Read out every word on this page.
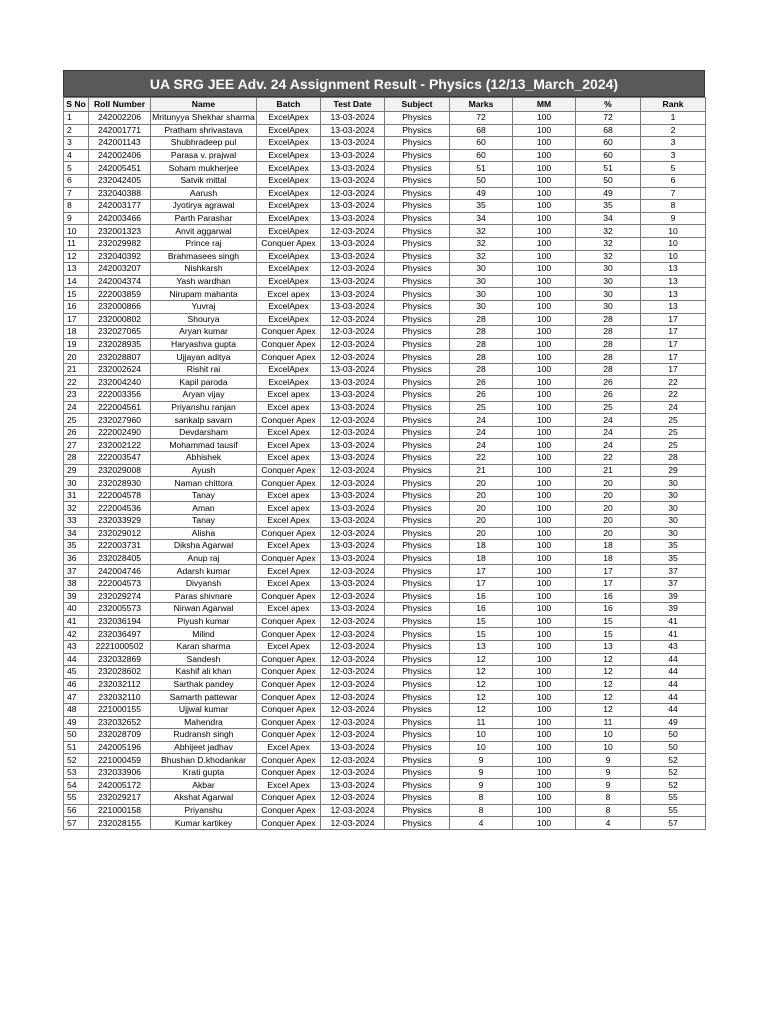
UA SRG JEE Adv. 24 Assignment Result - Physics (12/13_March_2024)
S No	Roll Number	Name	Batch	Test Date	Subject	Marks	MM	%	Rank
1	242002206	Mritunyya Shekhar sharma	ExcelApex	13-03-2024	Physics	72	100	72	1
2	242001771	Pratham shrivastava	ExcelApex	13-03-2024	Physics	68	100	68	2
3	242001143	Shubhradeep pul	ExcelApex	13-03-2024	Physics	60	100	60	3
4	242002406	Parasa v. prajwal	ExcelApex	13-03-2024	Physics	60	100	60	3
5	242005451	Soham mukherjee	ExcelApex	13-03-2024	Physics	51	100	51	5
6	232042405	Satvik mittal	ExcelApex	13-03-2024	Physics	50	100	50	6
7	232040388	Aarush	ExcelApex	12-03-2024	Physics	49	100	49	7
8	242003177	Jyotirya agrawal	ExcelApex	13-03-2024	Physics	35	100	35	8
9	242003466	Parth Parashar	ExcelApex	13-03-2024	Physics	34	100	34	9
10	232001323	Anvit aggarwal	ExcelApex	12-03-2024	Physics	32	100	32	10
11	232029982	Prince raj	Conquer Apex	13-03-2024	Physics	32	100	32	10
12	232040392	Brahmasees singh	ExcelApex	13-03-2024	Physics	32	100	32	10
13	242003207	Nishkarsh	ExcelApex	12-03-2024	Physics	30	100	30	13
14	242004374	Yash wardhan	ExcelApex	13-03-2024	Physics	30	100	30	13
15	222003859	Nirupam mahanta	Excel apex	13-03-2024	Physics	30	100	30	13
16	232000866	Yuvraj	ExcelApex	13-03-2024	Physics	30	100	30	13
17	232000802	Shourya	ExcelApex	12-03-2024	Physics	28	100	28	17
18	232027065	Aryan kumar	Conquer Apex	12-03-2024	Physics	28	100	28	17
19	232028935	Haryashva gupta	Conquer Apex	12-03-2024	Physics	28	100	28	17
20	232028807	Ujjayan aditya	Conquer Apex	12-03-2024	Physics	28	100	28	17
21	232002624	Rishit rai	ExcelApex	13-03-2024	Physics	28	100	28	17
22	232004240	Kapil paroda	ExcelApex	13-03-2024	Physics	26	100	26	22
23	222003356	Aryan vijay	Excel apex	13-03-2024	Physics	26	100	26	22
24	222004561	Priyanshu ranjan	Excel apex	13-03-2024	Physics	25	100	25	24
25	232027960	sankalp savarn	Conquer Apex	12-03-2024	Physics	24	100	24	25
26	222002490	Devdarsham	Excel Apex	12-03-2024	Physics	24	100	24	25
27	232002122	Mohammad tausif	Excel Apex	13-03-2024	Physics	24	100	24	25
28	222003547	Abhishek	Excel apex	13-03-2024	Physics	22	100	22	28
29	232029008	Ayush	Conquer Apex	12-03-2024	Physics	21	100	21	29
30	232028930	Naman chittora	Conquer Apex	12-03-2024	Physics	20	100	20	30
31	222004578	Tanay	Excel apex	13-03-2024	Physics	20	100	20	30
32	222004536	Aman	Excel apex	13-03-2024	Physics	20	100	20	30
33	232033929	Tanay	Excel Apex	13-03-2024	Physics	20	100	20	30
34	232029012	Alisha	Conquer Apex	12-03-2024	Physics	20	100	20	30
35	222003731	Diksha Agarwal	Excel Apex	13-03-2024	Physics	18	100	18	35
36	232028405	Anup raj	Conquer Apex	13-03-2024	Physics	18	100	18	35
37	242004746	Adarsh kumar	Excel Apex	12-03-2024	Physics	17	100	17	37
38	222004573	Divyansh	Excel Apex	13-03-2024	Physics	17	100	17	37
39	232029274	Paras shivnare	Conquer Apex	12-03-2024	Physics	16	100	16	39
40	232005573	Nirwan Agarwal	Excel apex	13-03-2024	Physics	16	100	16	39
41	232036194	Piyush kumar	Conquer Apex	12-03-2024	Physics	15	100	15	41
42	232036497	Milind	Conquer Apex	12-03-2024	Physics	15	100	15	41
43	2221000502	Karan sharma	Excel Apex	12-03-2024	Physics	13	100	13	43
44	232032869	Sandesh	Conquer Apex	12-03-2024	Physics	12	100	12	44
45	232028602	Kashif ali khan	Conquer Apex	12-03-2024	Physics	12	100	12	44
46	232032112	Sarthak pandey	Conquer Apex	12-03-2024	Physics	12	100	12	44
47	232032110	Samarth pattewar	Conquer Apex	12-03-2024	Physics	12	100	12	44
48	221000155	Ujjwal kumar	Conquer Apex	12-03-2024	Physics	12	100	12	44
49	232032652	Mahendra	Conquer Apex	12-03-2024	Physics	11	100	11	49
50	232028709	Rudransh singh	Conquer Apex	12-03-2024	Physics	10	100	10	50
51	242005196	Abhijeet jadhav	Excel Apex	13-03-2024	Physics	10	100	10	50
52	221000459	Bhushan D.khodankar	Conquer Apex	12-03-2024	Physics	9	100	9	52
53	232033906	Krati gupta	Conquer Apex	12-03-2024	Physics	9	100	9	52
54	242005172	Akbar	Excel Apex	13-03-2024	Physics	9	100	9	52
55	232029217	Akshat Agarwal	Conquer Apex	12-03-2024	Physics	8	100	8	55
56	221000158	Priyanshu	Conquer Apex	12-03-2024	Physics	8	100	8	55
57	232028155	Kumar kartikey	Conquer Apex	12-03-2024	Physics	4	100	4	57
